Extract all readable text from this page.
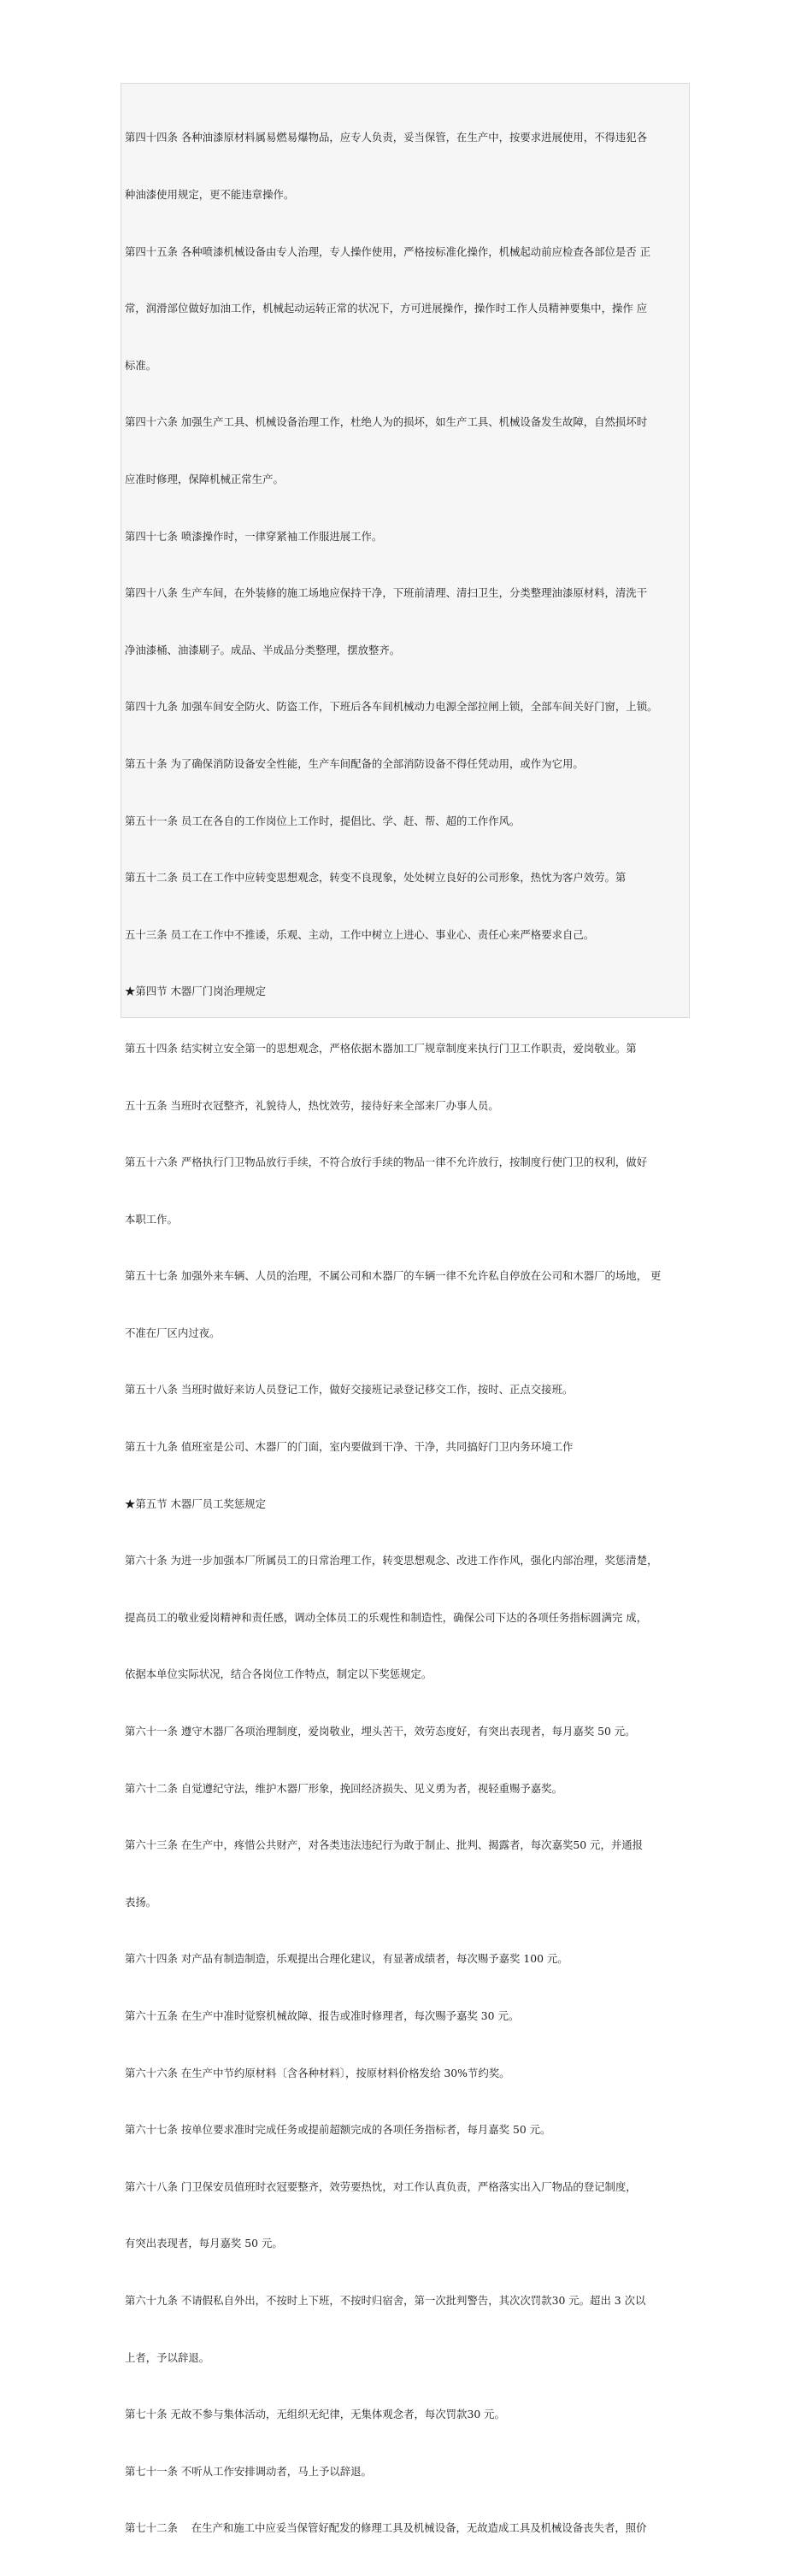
第四十四条 各种油漆原材料属易燃易爆物品，应专人负责，妥当保管，在生产中，按要求进展使用，不得违犯各

种油漆使用规定，更不能违章操作。

第四十五条 各种喷漆机械设备由专人治理，专人操作使用，严格按标准化操作，机械起动前应检查各部位是否 正

常，润滑部位做好加油工作，机械起动运转正常的状况下，方可进展操作，操作时工作人员精神要集中，操作 应

标准。

第四十六条 加强生产工具、机械设备治理工作，杜绝人为的损坏，如生产工具、机械设备发生故障，自然损坏时

应准时修理，保障机械正常生产。

第四十七条 喷漆操作时，一律穿紧袖工作服进展工作。

第四十八条 生产车间，在外装修的施工场地应保持干净，下班前清理、清扫卫生，分类整理油漆原材料，清洗干

净油漆桶、油漆刷子。成品、半成品分类整理，摆放整齐。

第四十九条 加强车间安全防火、防盗工作，下班后各车间机械动力电源全部拉闸上锁，全部车间关好门窗，上锁。

第五十条 为了确保消防设备安全性能，生产车间配备的全部消防设备不得任凭动用，或作为它用。

第五十一条 员工在各自的工作岗位上工作时，提倡比、学、赶、帮、超的工作作风。

第五十二条 员工在工作中应转变思想观念，转变不良现象，处处树立良好的公司形象，热忱为客户效劳。第

五十三条 员工在工作中不推诿，乐观、主动，工作中树立上进心、事业心、责任心来严格要求自己。

★第四节 木器厂门岗治理规定

第五十四条 结实树立安全第一的思想观念，严格依据木器加工厂规章制度来执行门卫工作职责，爱岗敬业。第

五十五条 当班时衣冠整齐，礼貌待人，热忱效劳，接待好来全部来厂办事人员。

第五十六条 严格执行门卫物品放行手续，不符合放行手续的物品一律不允许放行，按制度行使门卫的权利，做好

本职工作。

第五十七条 加强外来车辆、人员的治理，不属公司和木器厂的车辆一律不允许私自停放在公司和木器厂的场地， 更

不准在厂区内过夜。

第五十八条 当班时做好来访人员登记工作，做好交接班记录登记移交工作，按时、正点交接班。

第五十九条 值班室是公司、木器厂的门面，室内要做到干净、干净，共同搞好门卫内务环境工作

★第五节 木器厂员工奖惩规定

第六十条 为进一步加强本厂所属员工的日常治理工作，转变思想观念、改进工作作风，强化内部治理，奖惩清楚，

提高员工的敬业爱岗精神和责任感，调动全体员工的乐观性和制造性，确保公司下达的各项任务指标圆满完 成，

依据本单位实际状况，结合各岗位工作特点，制定以下奖惩规定。

第六十一条 遵守木器厂各项治理制度，爱岗敬业，埋头苦干，效劳态度好，有突出表现者，每月嘉奖 50 元。

第六十二条 自觉遵纪守法，维护木器厂形象，挽回经济损失、见义勇为者，视轻重赐予嘉奖。

第六十三条 在生产中，疼惜公共财产，对各类违法违纪行为敢于制止、批判、揭露者，每次嘉奖50 元，并通报

表扬。

第六十四条 对产品有制造制造，乐观提出合理化建议，有显著成绩者，每次赐予嘉奖 100 元。

第六十五条 在生产中准时觉察机械故障、报告或准时修理者，每次赐予嘉奖 30 元。

第六十六条 在生产中节约原材料〔含各种材料〕，按原材料价格发给 30%节约奖。

第六十七条 按单位要求准时完成任务或提前超额完成的各项任务指标者，每月嘉奖 50 元。

第六十八条 门卫保安员值班时衣冠要整齐，效劳要热忱，对工作认真负责，严格落实出入厂物品的登记制度，

有突出表现者，每月嘉奖 50 元。

第六十九条 不请假私自外出，不按时上下班，不按时归宿舍，第一次批判警告，其次次罚款30 元。超出 3 次以

上者，予以辞退。

第七十条 无故不参与集体活动，无组织无纪律，无集体观念者，每次罚款30 元。

第七十一条 不听从工作安排调动者，马上予以辞退。

第七十二条    在生产和施工中应妥当保管好配发的修理工具及机械设备，无故造成工具及机械设备丧失者，照价
